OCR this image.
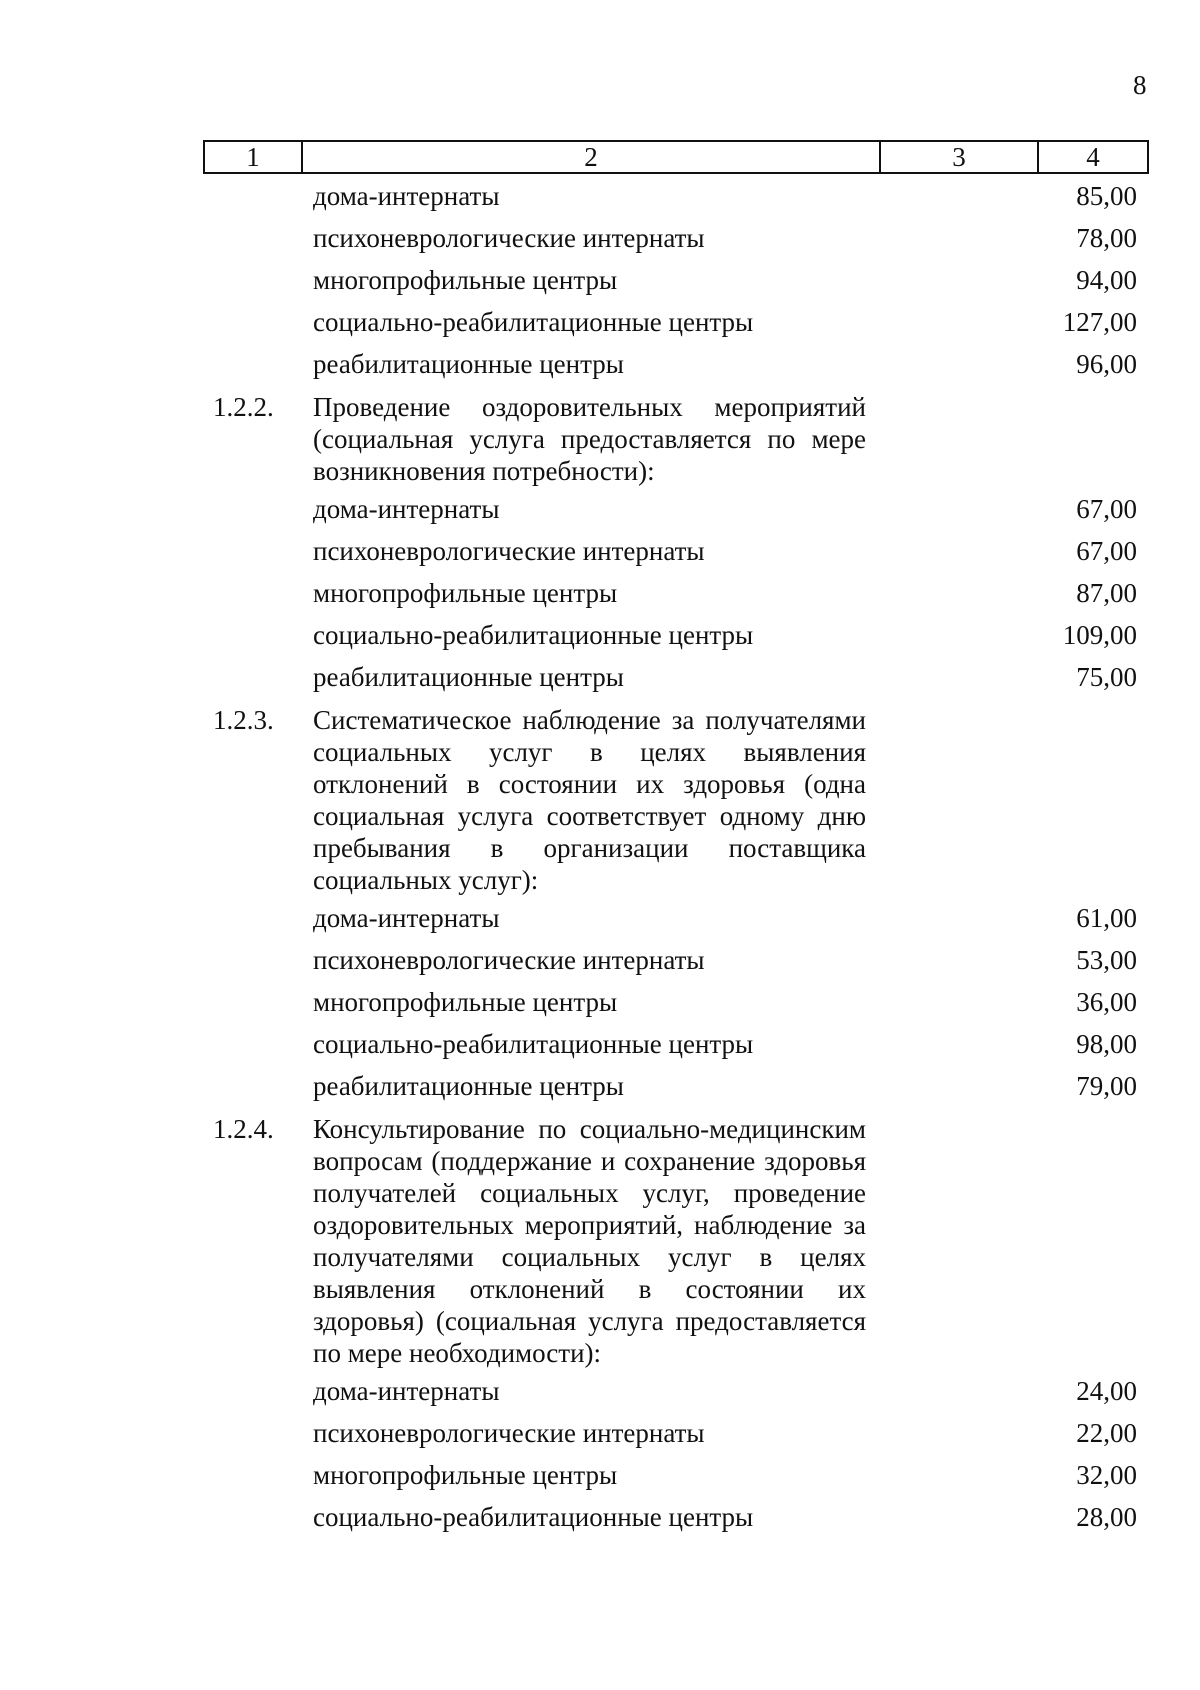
8
1	2	3	4
дома-интернаты	85,00
психоневрологические интернаты	78,00
многопрофильные центры	94,00
социально-реабилитационные центры	127,00
реабилитационные центры	96,00
1.2.2.	Проведение оздоровительных мероприятий (социальная услуга предоставляется по мере возникновения потребности):
дома-интернаты	67,00
психоневрологические интернаты	67,00
многопрофильные центры	87,00
социально-реабилитационные центры	109,00
реабилитационные центры	75,00
1.2.3.	Систематическое наблюдение за получателями социальных услуг в целях выявления отклонений в состоянии их здоровья (одна социальная услуга соответствует одному дню пребывания в организации поставщика социальных услуг):
дома-интернаты	61,00
психоневрологические интернаты	53,00
многопрофильные центры	36,00
социально-реабилитационные центры	98,00
реабилитационные центры	79,00
1.2.4.	Консультирование по социально-медицинским вопросам (поддержание и сохранение здоровья получателей социальных услуг, проведение оздоровительных мероприятий, наблюдение за получателями социальных услуг в целях выявления отклонений в состоянии их здоровья) (социальная услуга предоставляется по мере необходимости):
дома-интернаты	24,00
психоневрологические интернаты	22,00
многопрофильные центры	32,00
социально-реабилитационные центры	28,00
